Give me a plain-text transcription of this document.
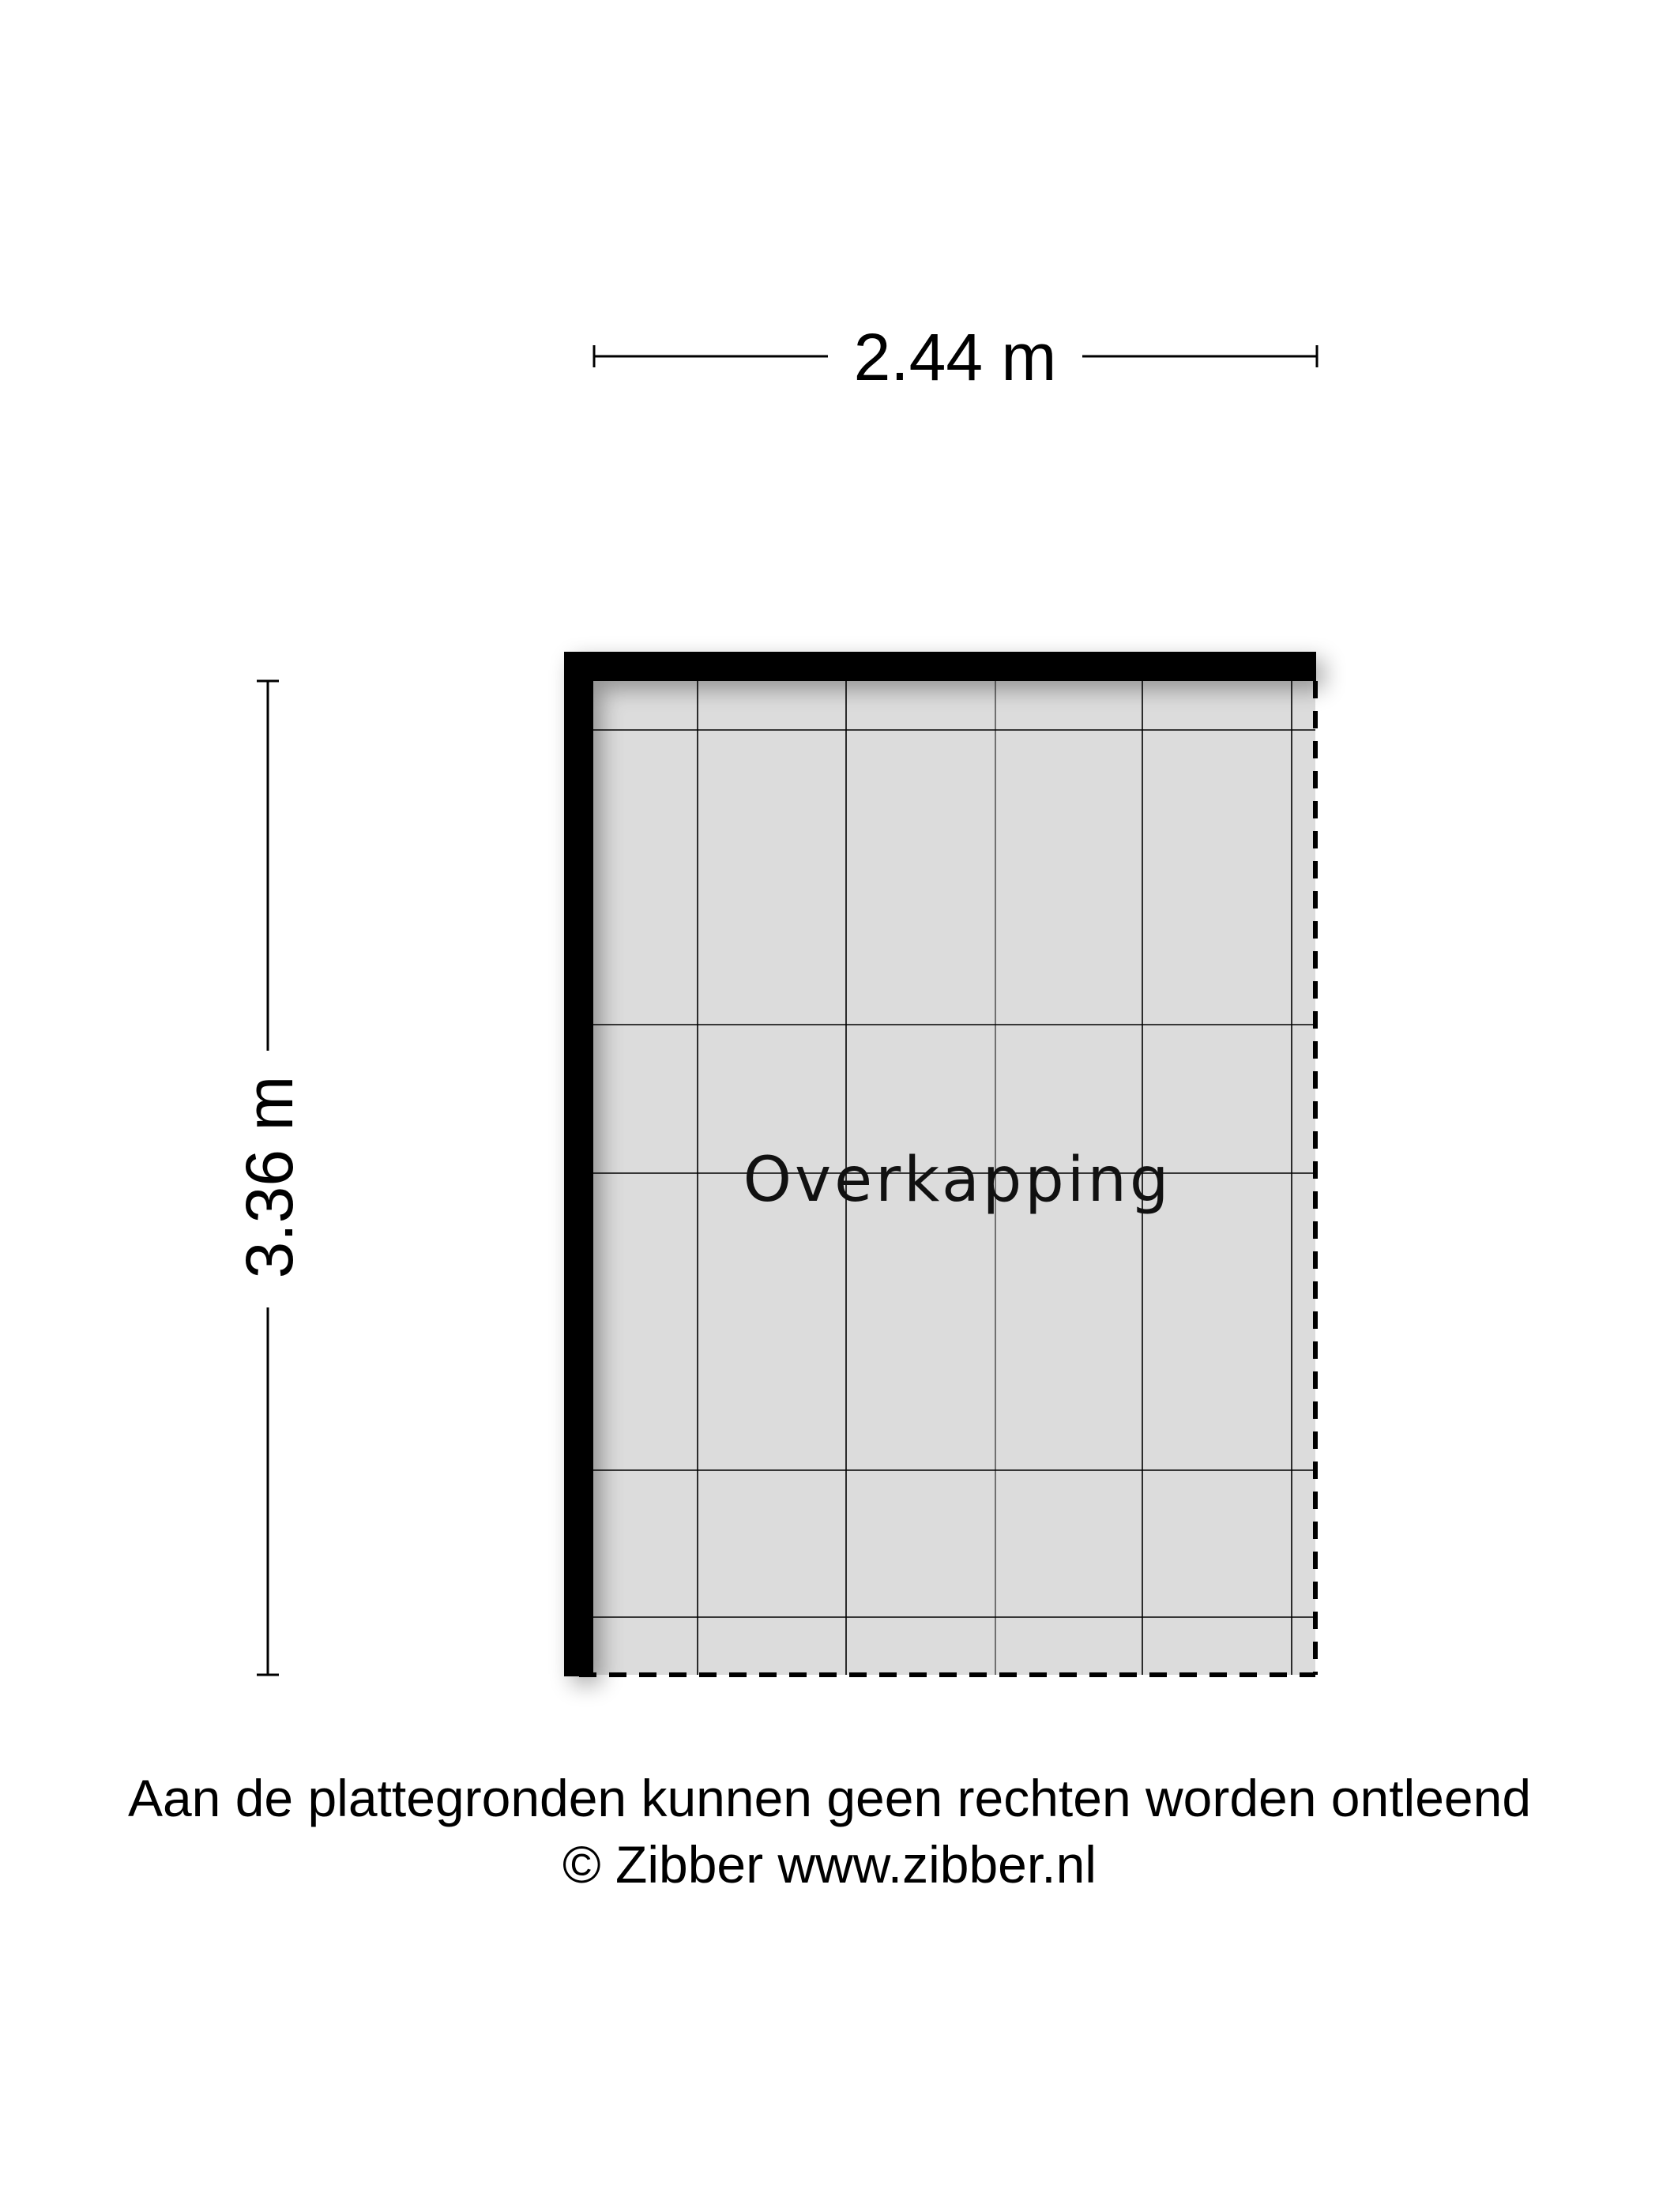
2.44 m
3.36 m	Overkapping
Aan de plattegronden kunnen geen rechten worden ontleend
© Zibber www.zibber.nl
